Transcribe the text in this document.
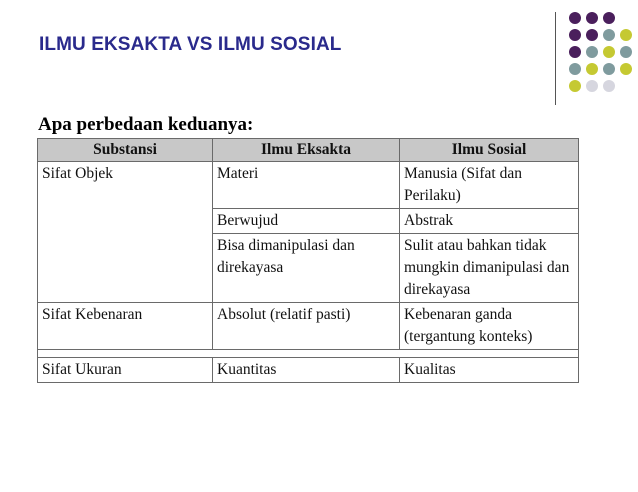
ILMU EKSAKTA VS ILMU SOSIAL

Apa perbedaan keduanya:

Substansi	Ilmu Eksakta	Ilmu Sosial
Sifat Objek	Materi	Manusia (Sifat dan Perilaku)
	Berwujud	Abstrak
	Bisa dimanipulasi dan direkayasa	Sulit atau bahkan tidak mungkin dimanipulasi dan direkayasa
Sifat Kebenaran	Absolut (relatif pasti)	Kebenaran ganda (tergantung konteks)

Sifat Ukuran	Kuantitas	Kualitas
